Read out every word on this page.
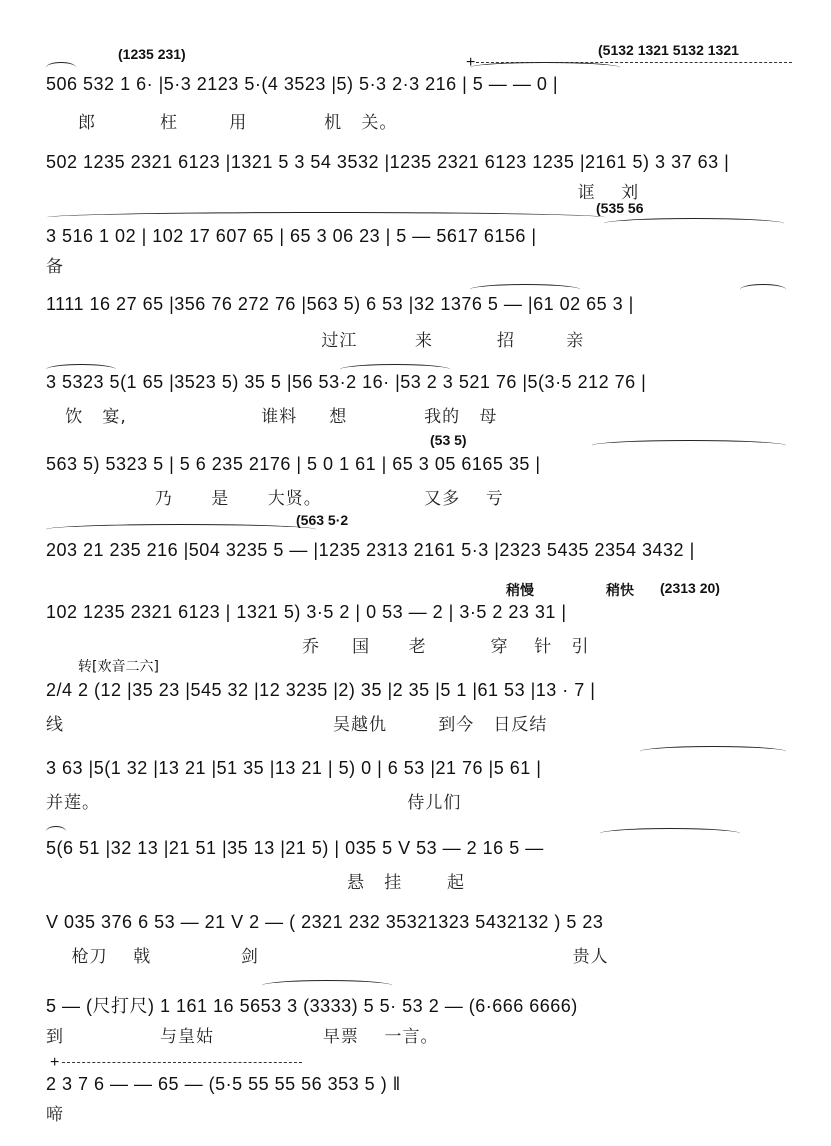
(1235 231)	(5132 1321 5132 1321
+
506 532 1 6· |5·3 2123 5·(4 3523 |5) 5·3 2·3 216 | 5 — — 0 |
郎          枉        用            机   关。
502 1235 2321 6123 |1321 5 3 54 3532 |1235 2321 6123 1235 |2161 5) 3 37 63 |
诓    刘
(535 56
3 516 1 02 | 102 17 607 65 | 65 3 06 23 | 5 — 5617 6156 |
备
1111 16 27 65 |356 76 272 76 |563 5) 6 53 |32 1376 5 — |61 02 65 3 |
过江         来          招        亲
3 5323 5(1 65 |3523 5) 35 5 |56 53·2 16· |53 2 3 521 76 |5(3·5 212 76 |
饮   宴,                     谁料     想            我的   母
(53 5)
563 5) 5323 5 | 5 6 235 2176 | 5 0 1 61 | 65 3 05 6165 35 |
乃      是      大贤。                又多    亏
(563 5·2
203 21 235 216 |504 3235 5 — |1235 2313 2161 5·3 |2323 5435 2354 3432 |
稍慢	稍快 (2313 20)
102 1235 2321 6123 | 1321 5) 3·5 2 | 0 53 — 2 | 3·5 2 23 31 |
乔     国      老          穿    针   引
转[欢音二六]
2/4 2 (12 |35 23 |545 32 |12 3235 |2) 35 |2 35 |5 1 |61 53 |13 · 7 |
线                                          吴越仇        到今   日反结
3 63 |5(1 32 |13 21 |51 35 |13 21 | 5) 0 | 6 53 |21 76 |5 61 |
并莲。                                                侍儿们
5(6 51 |32 13 |21 51 |35 13 |21 5) | 035 5 V 53 — 2 16 5 —
悬   挂       起
V 035 376 6 53 — 21 V 2 — ( 2321 232 35321323 5432132 ) 5 23
枪刀    戟              剑                                                 贵人
5 — (尺打尺) 1 161 16 5653 3 (3333) 5 5· 53 2 — (6·666 6666)
到               与皇姑                 早票    一言。
+
2 3 7 6 — — 65 — (5·5 55 55 56 353 5 ) ‖
啼
